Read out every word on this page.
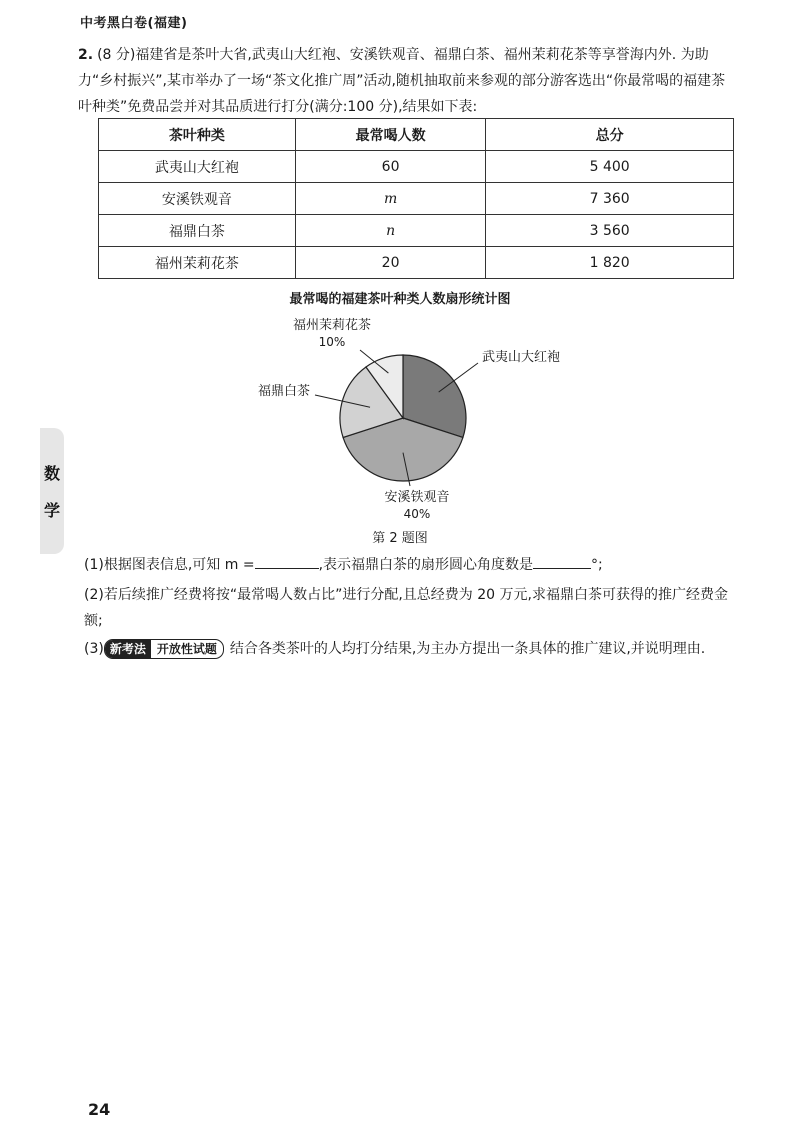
中考黑白卷(福建)
2. (8 分)福建省是茶叶大省,武夷山大红袍、安溪铁观音、福鼎白茶、福州茉莉花茶等享誉海内外. 为助力“乡村振兴”,某市举办了一场“茶文化推广周”活动,随机抽取前来参观的部分游客选出“你最常喝的福建茶叶种类”免费品尝并对其品质进行打分(满分:100 分),结果如下表:
茶叶种类	最常喝人数	总分
武夷山大红袍	60	5 400
安溪铁观音	m	7 360
福鼎白茶	n	3 560
福州茉莉花茶	20	1 820
最常喝的福建茶叶种类人数扇形统计图
武夷山大红袍
安溪铁观音
40%
福鼎白茶
福州茉莉花茶
10%
第 2 题图
(1)根据图表信息,可知 m =	,表示福鼎白茶的扇形圆心角度数是	°;
(2)若后续推广经费将按“最常喝人数占比”进行分配,且总经费为 20 万元,求福鼎白茶可获得的推广经费金额;
(3) 新考法 开放性试题 结合各类茶叶的人均打分结果,为主办方提出一条具体的推广建议,并说明理由.
数
学
24
